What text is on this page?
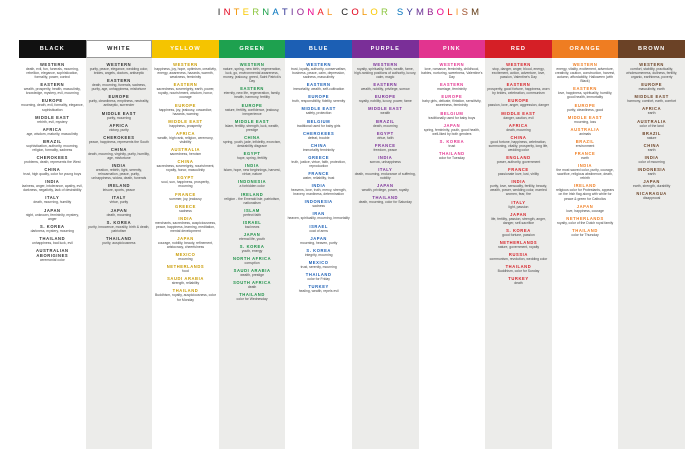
INTERNATIONAL COLOR SYMBOLISM
BLACK
WESTERN
death, evil, fun, funerals, mourning, rebellion, elegance, sophistication, formality, power, control
EASTERN
wealth, prosperity, health, masculinity, knowledge, mystery, evil, mourning
EUROPE
mourning, death, evil, formality, elegance, sophistication
MIDDLE EAST
rebirth, evil, mystery
AFRICA
age, wisdom, maturity, masculinity
BRAZIL
sophistication, authority, mourning, religion, formality, sadness
CHEROKEES
problems, death, represents the West
CHINA
trust, high quality, color for young boys
INDIA
laziness, anger, intolerance, apathy, evil, darkness, negativity, lack of desirability
ITALY
death, mourning, humility
JAPAN
night, unknown, femininity, mystery, anger
S. KOREA
darkness, mystery, mourning
THAILAND
unhappiness, bad luck, evil
AUSTRALIAN ABORIGINES
ceremonial color
WHITE
WESTERN
purity, peace, elegance, wedding color, brides, angels, doctors, antiseptic
EASTERN
death, mourning, funerals, sadness, purity, age, unhappiness, misfortune
EUROPE
purity, cleanliness, emptiness, neutrality, antiseptic, surrender
MIDDLE EAST
purity, mourning
AFRICA
victory, purity
CHEROKEES
peace, happiness, represents the South
CHINA
death, mourning, virginity, purity, humility, age, misfortune
INDIA
creation, rebirth, light, serenity, reincarnation, peace, purity, unhappiness, widow, death, funerals
IRELAND
leisure, sports, peace
ITALY
virtue, purity
JAPAN
death, mourning
S. KOREA
purity, innocence, morality, birth & death, patriotism
THAILAND
purity, auspiciousness
YELLOW
WESTERN
happiness, joy, hope, optimism, creativity, energy, awareness, hazards, warmth, weakness, femininity
EASTERN
sacredness, sovereignty, earth, power, royalty, nourishment, wisdom, honor, courage
EUROPE
happiness, joy, jealousy, cowardice, hazards, warning
MIDDLE EAST
happiness, prosperity
AFRICA
wealth, high rank, religion, ceremony, visibility
AUSTRALIA
sacredness, heroism
CHINA
sacredness, sovereignty, nourishment, royalty, honor, masculinity
EGYPT
soul, sun, happiness, prosperity, mourning
FRANCE
summer, joy, jealousy
GREECE
sadness
INDIA
merchants, sacredness, auspiciousness, peace, happiness, learning, meditation, mental development
JAPAN
courage, nobility, beauty, refinement, aristocracy, cheerfulness
MEXICO
mourning
NETHERLANDS
food
SAUDI ARABIA
strength, reliability
THAILAND
Buddhism, royalty, auspiciousness, color for Monday
GREEN
WESTERN
nature, spring, new birth, regeneration, luck, go, environmental awareness, money, jealousy, greed, Saint Patrick's Day
EASTERN
eternity, new life, regeneration, family, health, harmony, fertility
EUROPE
nature, fertility, confidence, jealousy, inexperience
MIDDLE EAST
Islam, fertility, strength, luck, wealth, prestige
CHINA
spring, youth, jade, infidelity, exorcism, desirability disgrace
EGYPT
hope, spring, fertility
INDIA
Islam, hope, new beginnings, harvest, virtue, nature
INDONESIA
a forbidden color
IRELAND
religion - the Emerald isle, patriotism, nationalism
ISLAM
perfect faith
ISRAEL
bad news
JAPAN
eternal life, youth
S. KOREA
youth, energy
NORTH AFRICA
corruption
SAUDI ARABIA
wealth, prestige
SOUTH AFRICA
death
THAILAND
color for Wednesday
BLUE
WESTERN
trust, loyalty, authority, conservatism, business, peace, calm, depression, sadness, masculinity
EASTERN
immortality, wealth, self-cultivation
EUROPE
truth, responsibility, fidelity, serenity
MIDDLE EAST
safety, protection
BELGIUM
traditional used for baby girls
CHEROKEES
defeat, trouble
CHINA
immortality femininity
GREECE
truth, justice, virtue, faith, protection, reproduction
FRANCE
water, reliability, trust
INDIA
heavens, love, truth, mercy, strength, bravery, manliness, determination
INDONESIA
sadness
IRAN
heaven, spirituality, mourning, immortality
ISRAEL
coat of arms
JAPAN
mourning, heaven, purity
S. KOREA
integrity, mourning
MEXICO
trust, serenity, mourning
THAILAND
color for Friday
TURKEY
healing, wealth, repels evil
PURPLE
WESTERN
royalty, spirituality, faith, wealth, fame, high-ranking positions of authority, luxury, calm, magic
EASTERN
wealth, nobility, privilege, sorrow
EUROPE
royalty, nobility, luxury, power, fame
MIDDLE EAST
wealth
BRAZIL
death, mourning
EGYPT
virtue, faith
FRANCE
freedom, peace
INDIA
sorrow, unhappiness
ITALY
death, mourning, endurance of suffering, nobility
JAPAN
wealth, privilege, power, royalty
THAILAND
death, mourning, color for Saturday
PINK
WESTERN
love, romance, femininity, childhood, babies, nurturing, sweetness, Valentine's Day
EASTERN
marriage, femininity
EUROPE
baby girls, delicate, flirtation, sensitivity, sweetness, femininity
BELGIUM
traditionally used for baby boys
JAPAN
spring, femininity, youth, good health, well-liked by both genders
S. KOREA
trust
THAILAND
color for Tuesday
RED
WESTERN
stop, danger, anger, blood, energy, excitement, action, adventure, love, passion, Valentine's Day
EASTERN
prosperity, good fortune, happiness, worn by brides, celebration, communism
EUROPE
passion, love, anger, aggression, danger
MIDDLE EAST
danger, caution, evil
AFRICA
death, mourning
CHINA
good fortune, happiness, celebration, summoning, vitality, prosperity, long life, wedding color
ENGLAND
power, authority, government
FRANCE
passionate love, lust, virility
INDIA
purity, love, sensuality, fertility, beauty, wealth, power, wedding color, married women, fear, fire
ITALY
light, passion
JAPAN
life, fertility, passion, strength, anger, danger, self-sacrifice
S. KOREA
good fortune, passion
NETHERLANDS
nature, government, royalty
RUSSIA
communism, revolution, wedding color
THAILAND
Buddhism, color for Sunday
TURKEY
death
ORANGE
WESTERN
energy, vitality, excitement, adventure, creativity, caution, construction, harvest, autumn, affordability, Halloween (with Black)
EASTERN
love, happiness, spirituality, humility, good health, immortality
EUROPE
purity, cleanliness, good
MIDDLE EAST
mourning, loss
AUSTRALIA
animals
BRAZIL
environment
FRANCE
earth
INDIA
the most sacred color, purity, courage, sacrifice, religious abstinence, death, rebirth
IRELAND
religious color for Protestants, appears on the Irish flag along with white for peace & green for Catholics
JAPAN
love, happiness, courage
NETHERLANDS
royalty, color of the Dutch royal family
THAILAND
color for Thursday
BROWN
WESTERN
comfort, stability, practicality, wholesomeness, dullness, fertility, organic, earthiness, poverty
EUROPE
masculinity, earth
MIDDLE EAST
harmony, comfort, earth, comfort
AFRICA
earth
AUSTRALIA
color of the land
BRAZIL
nature
CHINA
earth
INDIA
color of mourning
INDONESIA
earth
JAPAN
earth, strength, durability
NICARAGUA
disapproval
